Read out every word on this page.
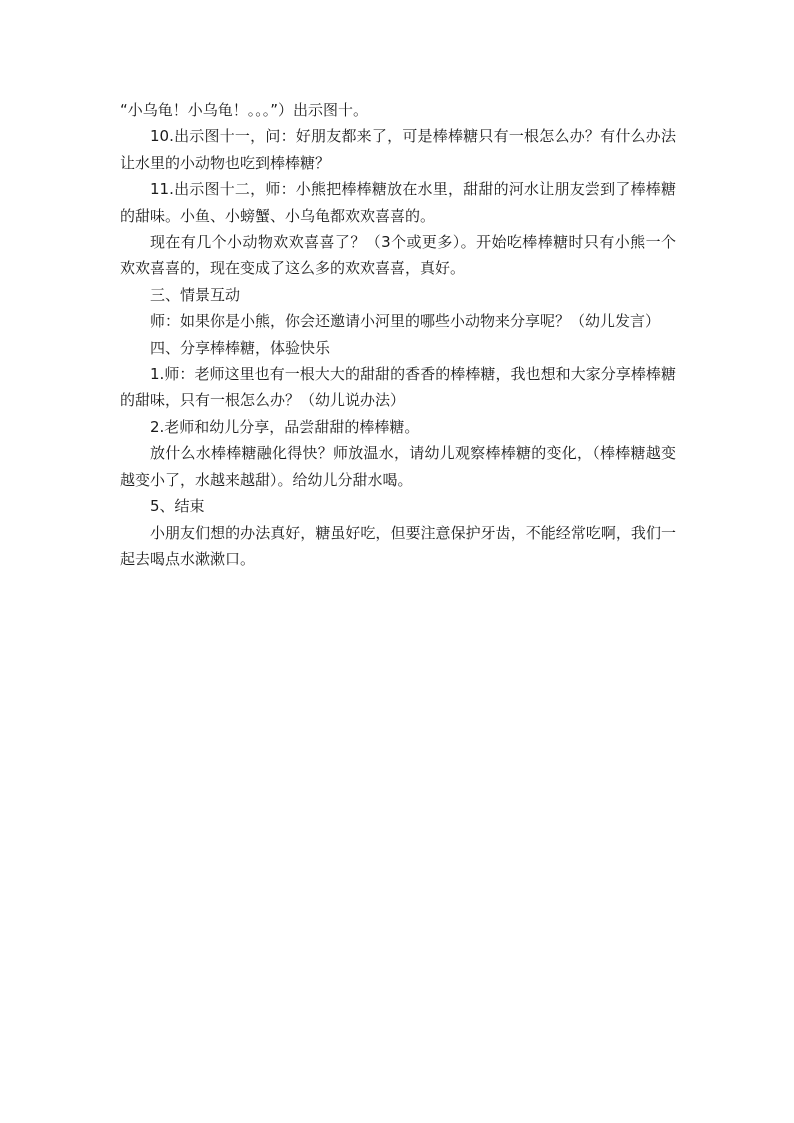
“小乌龟！小乌龟！。。。”）出示图十。

10.出示图十一，问：好朋友都来了，可是棒棒糖只有一根怎么办？有什么办法让水里的小动物也吃到棒棒糖？

11.出示图十二，师：小熊把棒棒糖放在水里，甜甜的河水让朋友尝到了棒棒糖的甜味。小鱼、小螃蟹、小乌龟都欢欢喜喜的。

现在有几个小动物欢欢喜喜了？（3个或更多）。开始吃棒棒糖时只有小熊一个欢欢喜喜的，现在变成了这么多的欢欢喜喜，真好。

三、情景互动

师：如果你是小熊，你会还邀请小河里的哪些小动物来分享呢？（幼儿发言）

四、分享棒棒糖，体验快乐

1.师：老师这里也有一根大大的甜甜的香香的棒棒糖，我也想和大家分享棒棒糖的甜味，只有一根怎么办？（幼儿说办法）

2.老师和幼儿分享，品尝甜甜的棒棒糖。

放什么水棒棒糖融化得快？师放温水，请幼儿观察棒棒糖的变化，（棒棒糖越变越变小了，水越来越甜）。给幼儿分甜水喝。

5、结束

小朋友们想的办法真好，糖虽好吃，但要注意保护牙齿，不能经常吃啊，我们一起去喝点水漱漱口。
